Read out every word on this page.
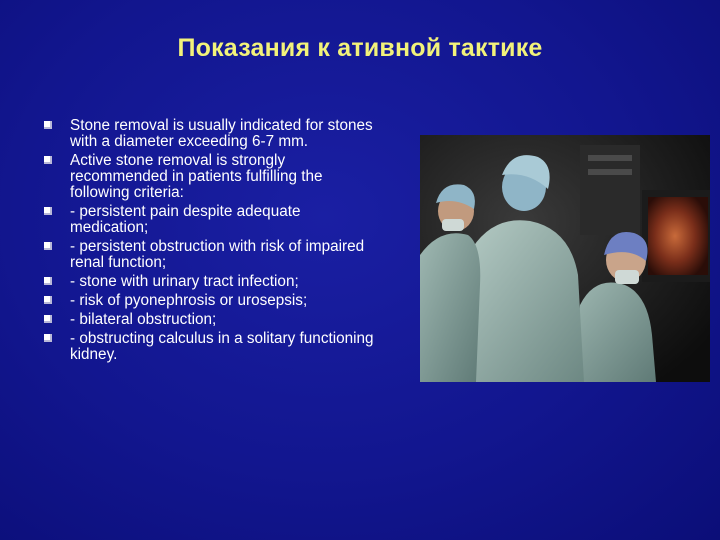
Показания к ативной тактике
Stone removal is usually indicated for stones with a diameter exceeding 6-7 mm.
Active stone removal is strongly recommended in patients fulfilling the following criteria:
- persistent pain despite adequate medication;
- persistent obstruction with risk of impaired renal function;
- stone with urinary tract infection;
- risk of pyonephrosis or urosepsis;
- bilateral obstruction;
- obstructing calculus in a solitary functioning kidney.
